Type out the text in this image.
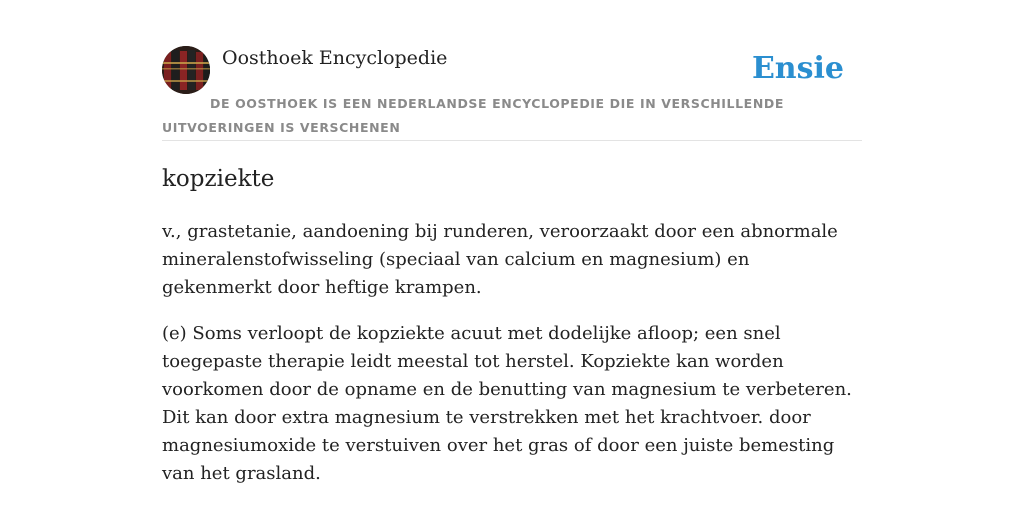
Oosthoek Encyclopedie	Ensie
DE OOSTHOEK IS EEN NEDERLANDSE ENCYCLOPEDIE DIE IN VERSCHILLENDE UITVOERINGEN IS VERSCHENEN
kopziekte

v., grastetanie, aandoening bij runderen, veroorzaakt door een abnormale mineralenstofwisseling (speciaal van calcium en magnesium) en gekenmerkt door heftige krampen.

(e) Soms verloopt de kopziekte acuut met dodelijke afloop; een snel toegepaste therapie leidt meestal tot herstel. Kopziekte kan worden voorkomen door de opname en de benutting van magnesium te verbeteren. Dit kan door extra magnesium te verstrekken met het krachtvoer. door magnesiumoxide te verstuiven over het gras of door een juiste bemesting van het grasland.
